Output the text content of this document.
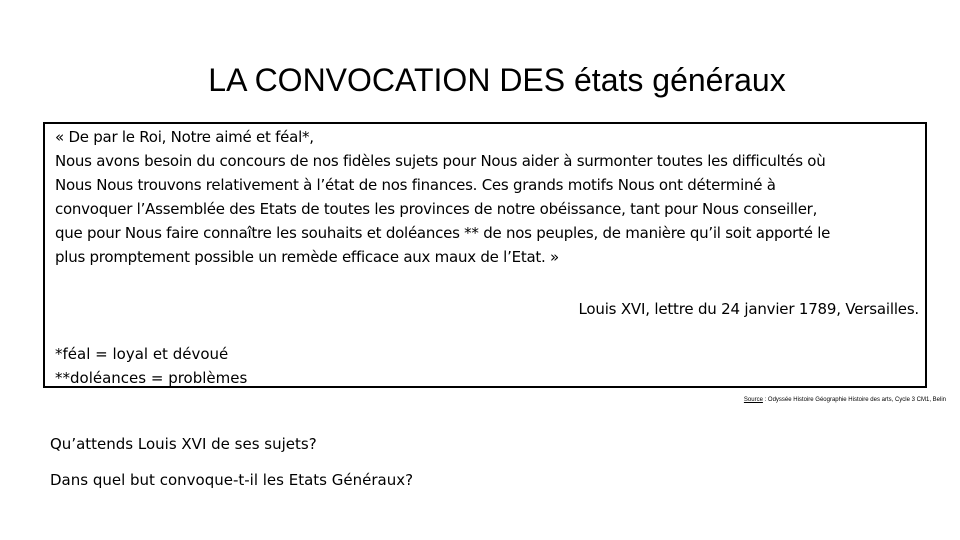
LA CONVOCATION DES états généraux
« De par le Roi, Notre aimé et féal*,
Nous avons besoin du concours de nos fidèles sujets pour Nous aider à surmonter toutes les difficultés où
Nous Nous trouvons relativement à l’état de nos finances. Ces grands motifs Nous ont déterminé à
convoquer l’Assemblée des Etats de toutes les provinces de notre obéissance, tant pour Nous conseiller,
que pour Nous faire connaître les souhaits et doléances ** de nos peuples, de manière qu’il soit apporté le
plus promptement possible un remède efficace aux maux de l’Etat. »
Louis XVI, lettre du 24 janvier 1789, Versailles.
*féal = loyal et dévoué
**doléances = problèmes
Source : Odyssée Histoire Géographie Histoire des arts, Cycle 3 CM1, Belin
Qu’attends Louis XVI de ses sujets?
Dans quel but convoque-t-il les Etats Généraux?
